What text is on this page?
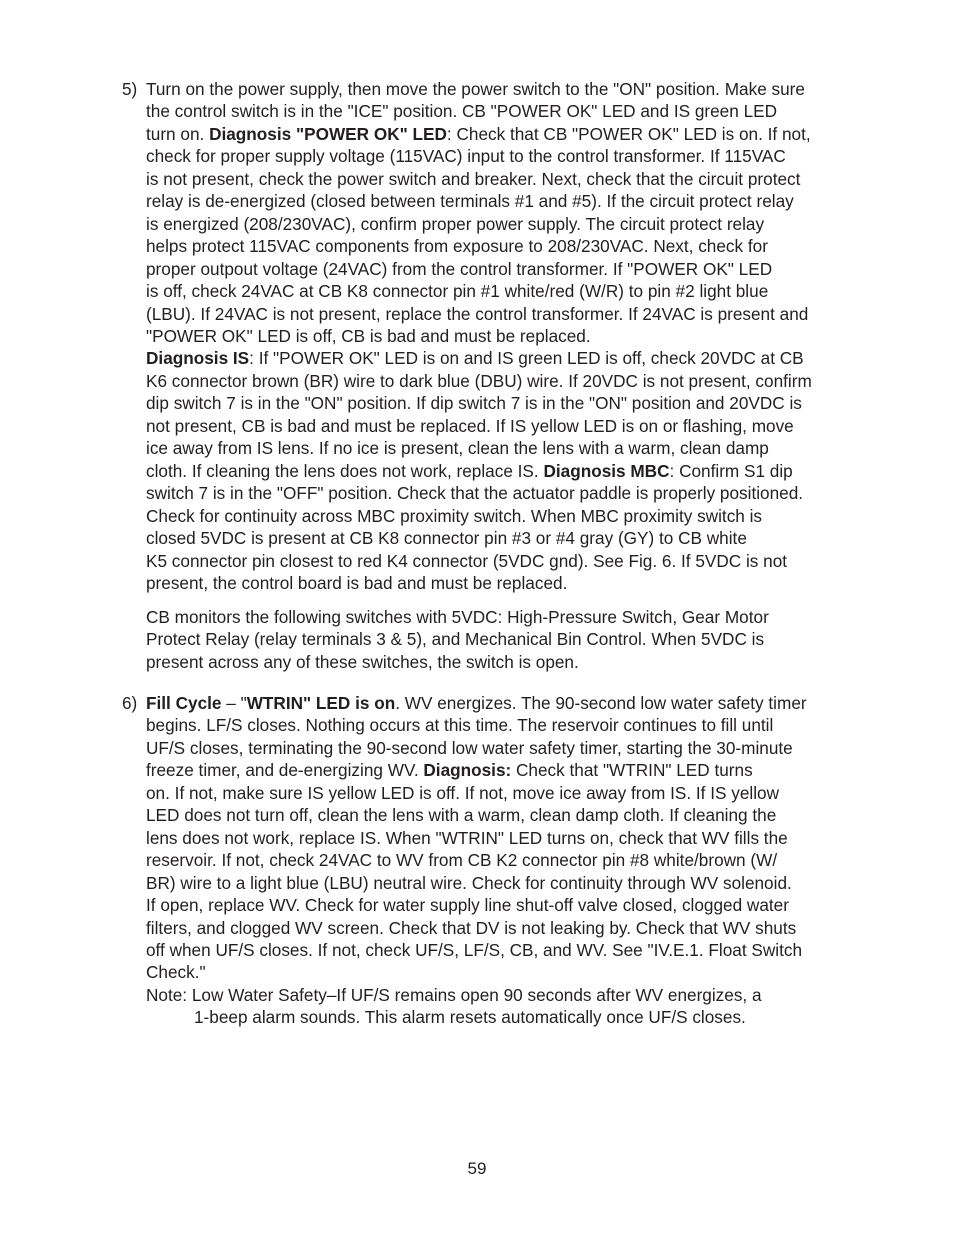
5) Turn on the power supply, then move the power switch to the "ON" position. Make sure

the control switch is in the "ICE" position. CB "POWER OK" LED and IS green LED

turn on. Diagnosis "POWER OK" LED: Check that CB "POWER OK" LED is on. If not,

check for proper supply voltage (115VAC) input to the control transformer. If 115VAC

is not present, check the power switch and breaker. Next, check that the circuit protect

relay is de-energized (closed between terminals #1 and #5). If the circuit protect relay

is energized (208/230VAC), confirm proper power supply. The circuit protect relay

helps protect 115VAC components from exposure to 208/230VAC. Next, check for

proper outpout voltage (24VAC) from the control transformer. If "POWER OK" LED

is off, check 24VAC at CB K8 connector pin #1 white/red (W/R) to pin #2 light blue

(LBU). If 24VAC is not present, replace the control transformer. If 24VAC is present and

"POWER OK" LED is off, CB is bad and must be replaced.

Diagnosis IS: If "POWER OK" LED is on and IS green LED is off, check 20VDC at CB

K6 connector brown (BR) wire to dark blue (DBU) wire. If 20VDC is not present, confirm

dip switch 7 is in the "ON" position. If dip switch 7 is in the "ON" position and 20VDC is

not present, CB is bad and must be replaced. If IS yellow LED is on or flashing, move

ice away from IS lens. If no ice is present, clean the lens with a warm, clean damp

cloth. If cleaning the lens does not work, replace IS. Diagnosis MBC: Confirm S1 dip

switch 7 is in the "OFF" position. Check that the actuator paddle is properly positioned.

Check for continuity across MBC proximity switch. When MBC proximity switch is

closed 5VDC is present at CB K8 connector pin #3 or #4 gray (GY) to CB white

K5 connector pin closest to red K4 connector (5VDC gnd). See Fig. 6. If 5VDC is not

present, the control board is bad and must be replaced.

CB monitors the following switches with 5VDC: High-Pressure Switch, Gear Motor

Protect Relay (relay terminals 3 & 5), and Mechanical Bin Control. When 5VDC is

present across any of these switches, the switch is open.

6) Fill Cycle – "WTRIN" LED is on. WV energizes. The 90-second low water safety timer

begins. LF/S closes. Nothing occurs at this time. The reservoir continues to fill until

UF/S closes, terminating the 90-second low water safety timer, starting the 30-minute

freeze timer, and de-energizing WV. Diagnosis: Check that "WTRIN" LED turns

on. If not, make sure IS yellow LED is off. If not, move ice away from IS. If IS yellow

LED does not turn off, clean the lens with a warm, clean damp cloth. If cleaning the

lens does not work, replace IS. When "WTRIN" LED turns on, check that WV fills the

reservoir. If not, check 24VAC to WV from CB K2 connector pin #8 white/brown (W/

BR) wire to a light blue (LBU) neutral wire. Check for continuity through WV solenoid.

If open, replace WV. Check for water supply line shut-off valve closed, clogged water

filters, and clogged WV screen. Check that DV is not leaking by. Check that WV shuts

off when UF/S closes. If not, check UF/S, LF/S, CB, and WV. See "IV.E.1. Float Switch

Check."

Note: Low Water Safety–If UF/S remains open 90 seconds after WV energizes, a

1-beep alarm sounds. This alarm resets automatically once UF/S closes.

59
